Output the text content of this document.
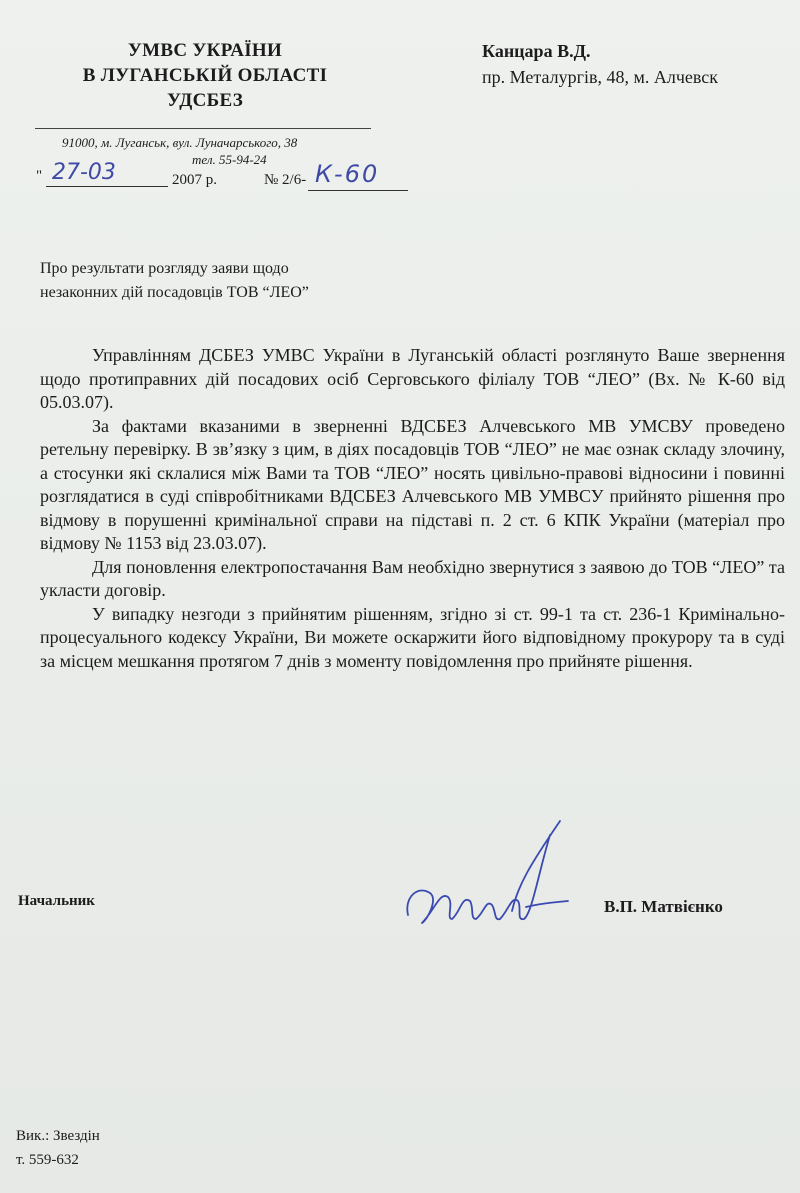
УМВС УКРАЇНИ
В ЛУГАНСЬКІЙ ОБЛАСТІ
УДСБЕЗ
91000, м. Луганськ, вул. Луначарського, 38
тел. 55-94-24
" 27-03	2007 р.	№ 2/6- К-60
Канцара В.Д.
пр. Металургів, 48, м. Алчевск
Про результати розгляду заяви щодо
незаконних дій посадовців ТОВ “ЛЕО”

Управлінням ДСБЕЗ УМВС України в Луганській області розглянуто Ваше звернення щодо протиправних дій посадових осіб Серговського філіалу ТОВ “ЛЕО” (Вх. № К-60 від 05.03.07).

За фактами вказаними в зверненні ВДСБЕЗ Алчевського МВ УМСВУ проведено ретельну перевірку. В зв’язку з цим, в діях посадовців ТОВ “ЛЕО” не має ознак складу злочину, а стосунки які склалися між Вами та ТОВ “ЛЕО” носять цивільно-правові відносини і повинні розглядатися в суді співробітниками ВДСБЕЗ Алчевського МВ УМВСУ прийнято рішення про відмову в порушенні кримінальної справи на підставі п. 2 ст. 6 КПК України (матеріал про відмову № 1153 від 23.03.07).

Для поновлення електропостачання Вам необхідно звернутися з заявою до ТОВ “ЛЕО” та укласти договір.

У випадку незгоди з прийнятим рішенням, згідно зі ст. 99-1 та ст. 236-1 Кримінально-процесуального кодексу України, Ви можете оскаржити його відповідному прокурору та в суді за місцем мешкання протягом 7 днів з моменту повідомлення про прийняте рішення.

Начальник	В.П. Матвієнко
Вик.: Звездін
т. 559-632
